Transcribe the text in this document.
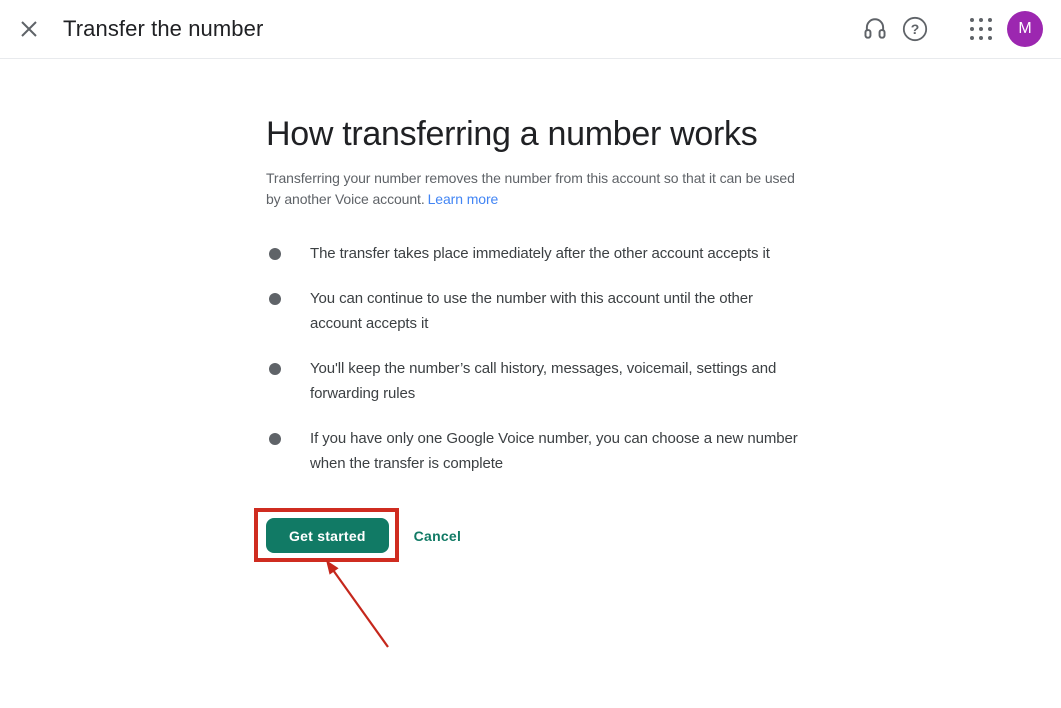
Transfer the number	?	M
How transferring a number works

Transferring your number removes the number from this account so that it can be used by another Voice account. Learn more

The transfer takes place immediately after the other account accepts it
You can continue to use the number with this account until the other account accepts it
You'll keep the number’s call history, messages, voicemail, settings and forwarding rules
If you have only one Google Voice number, you can choose a new number when the transfer is complete
Get started	Cancel
